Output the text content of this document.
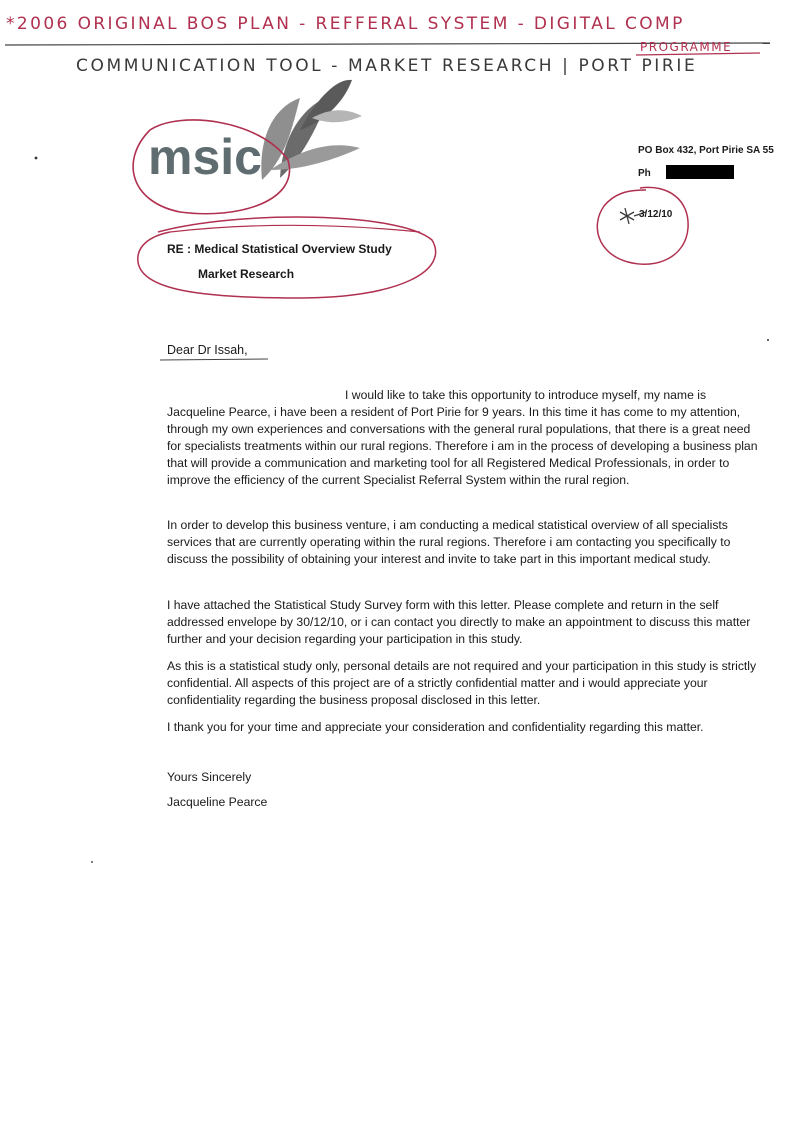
*2006 ORIGINAL BOS PLAN - REFFERAL SYSTEM - DIGITAL COMP
PROGRAMME
COMMUNICATION TOOL - MARKET RESEARCH | PORT PIRIE
msic	PO Box 432, Port Pirie SA 55
Ph
3/12/10
RE : Medical Statistical Overview Study
Market Research
Dear Dr Issah,

I would like to take this opportunity to introduce myself, my name is Jacqueline Pearce, i have been a resident of Port Pirie for 9 years. In this time it has come to my attention, through my own experiences and conversations with the general rural populations, that there is a great need for specialists treatments within our rural regions. Therefore i am in the process of developing a business plan that will provide a communication and marketing tool for all Registered Medical Professionals, in order to improve the efficiency of the current Specialist Referral System within the rural region.

In order to develop this business venture, i am conducting a medical statistical overview of all specialists services that are currently operating within the rural regions. Therefore i am contacting you specifically to discuss the possibility of obtaining your interest and invite to take part in this important medical study.

I have attached the Statistical Study Survey form with this letter. Please complete and return in the self addressed envelope by 30/12/10, or i can contact you directly to make an appointment to discuss this matter further and your decision regarding your participation in this study.

As this is a statistical study only, personal details are not required and your participation in this study is strictly confidential. All aspects of this project are of a strictly confidential matter and i would appreciate your confidentiality regarding the business proposal disclosed in this letter.

I thank you for your time and appreciate your consideration and confidentiality regarding this matter.

Yours Sincerely
Jacqueline Pearce
